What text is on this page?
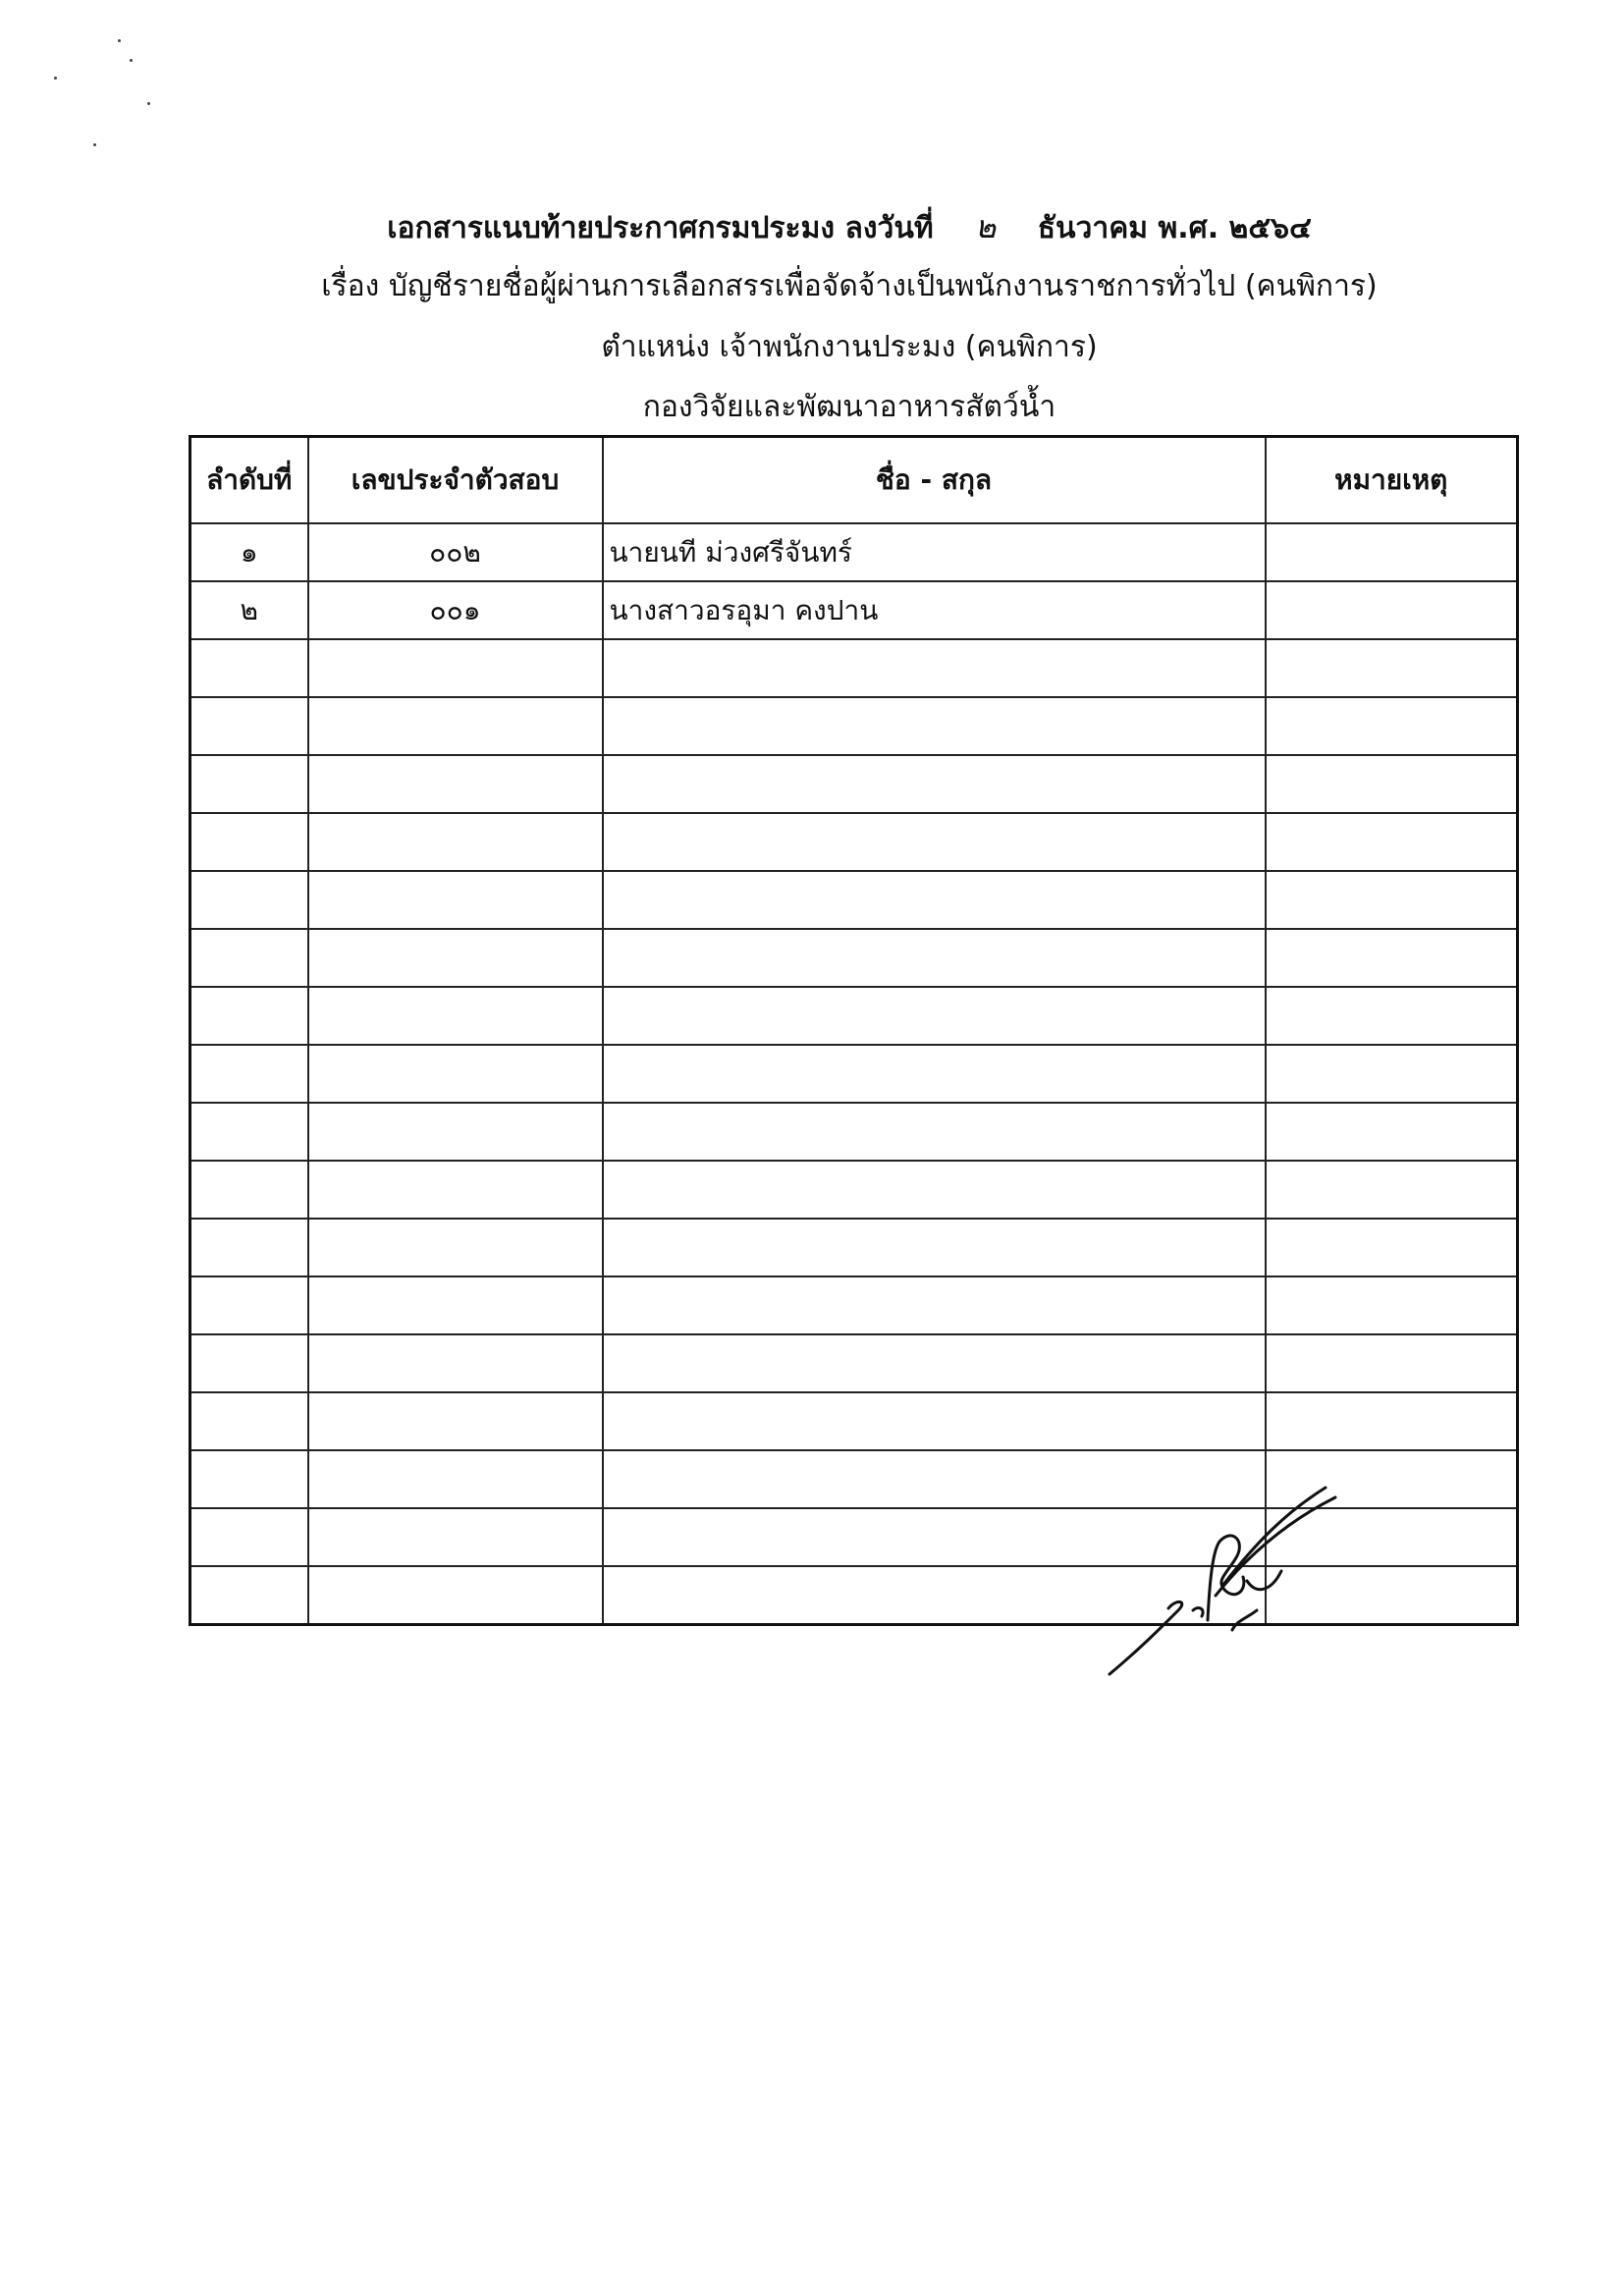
เอกสารแนบท้ายประกาศกรมประมง ลงวันที่ ๒ ธันวาคม พ.ศ. ๒๕๖๔
เรื่อง บัญชีรายชื่อผู้ผ่านการเลือกสรรเพื่อจัดจ้างเป็นพนักงานราชการทั่วไป (คนพิการ)
ตำแหน่ง เจ้าพนักงานประมง (คนพิการ)
กองวิจัยและพัฒนาอาหารสัตว์น้ำ
ลำดับที่	เลขประจำตัวสอบ	ชื่อ - สกุล	หมายเหตุ
๑	๐๐๒	นายนที ม่วงศรีจันทร์	
๒	๐๐๑	นางสาวอรอุมา คงปาน	
